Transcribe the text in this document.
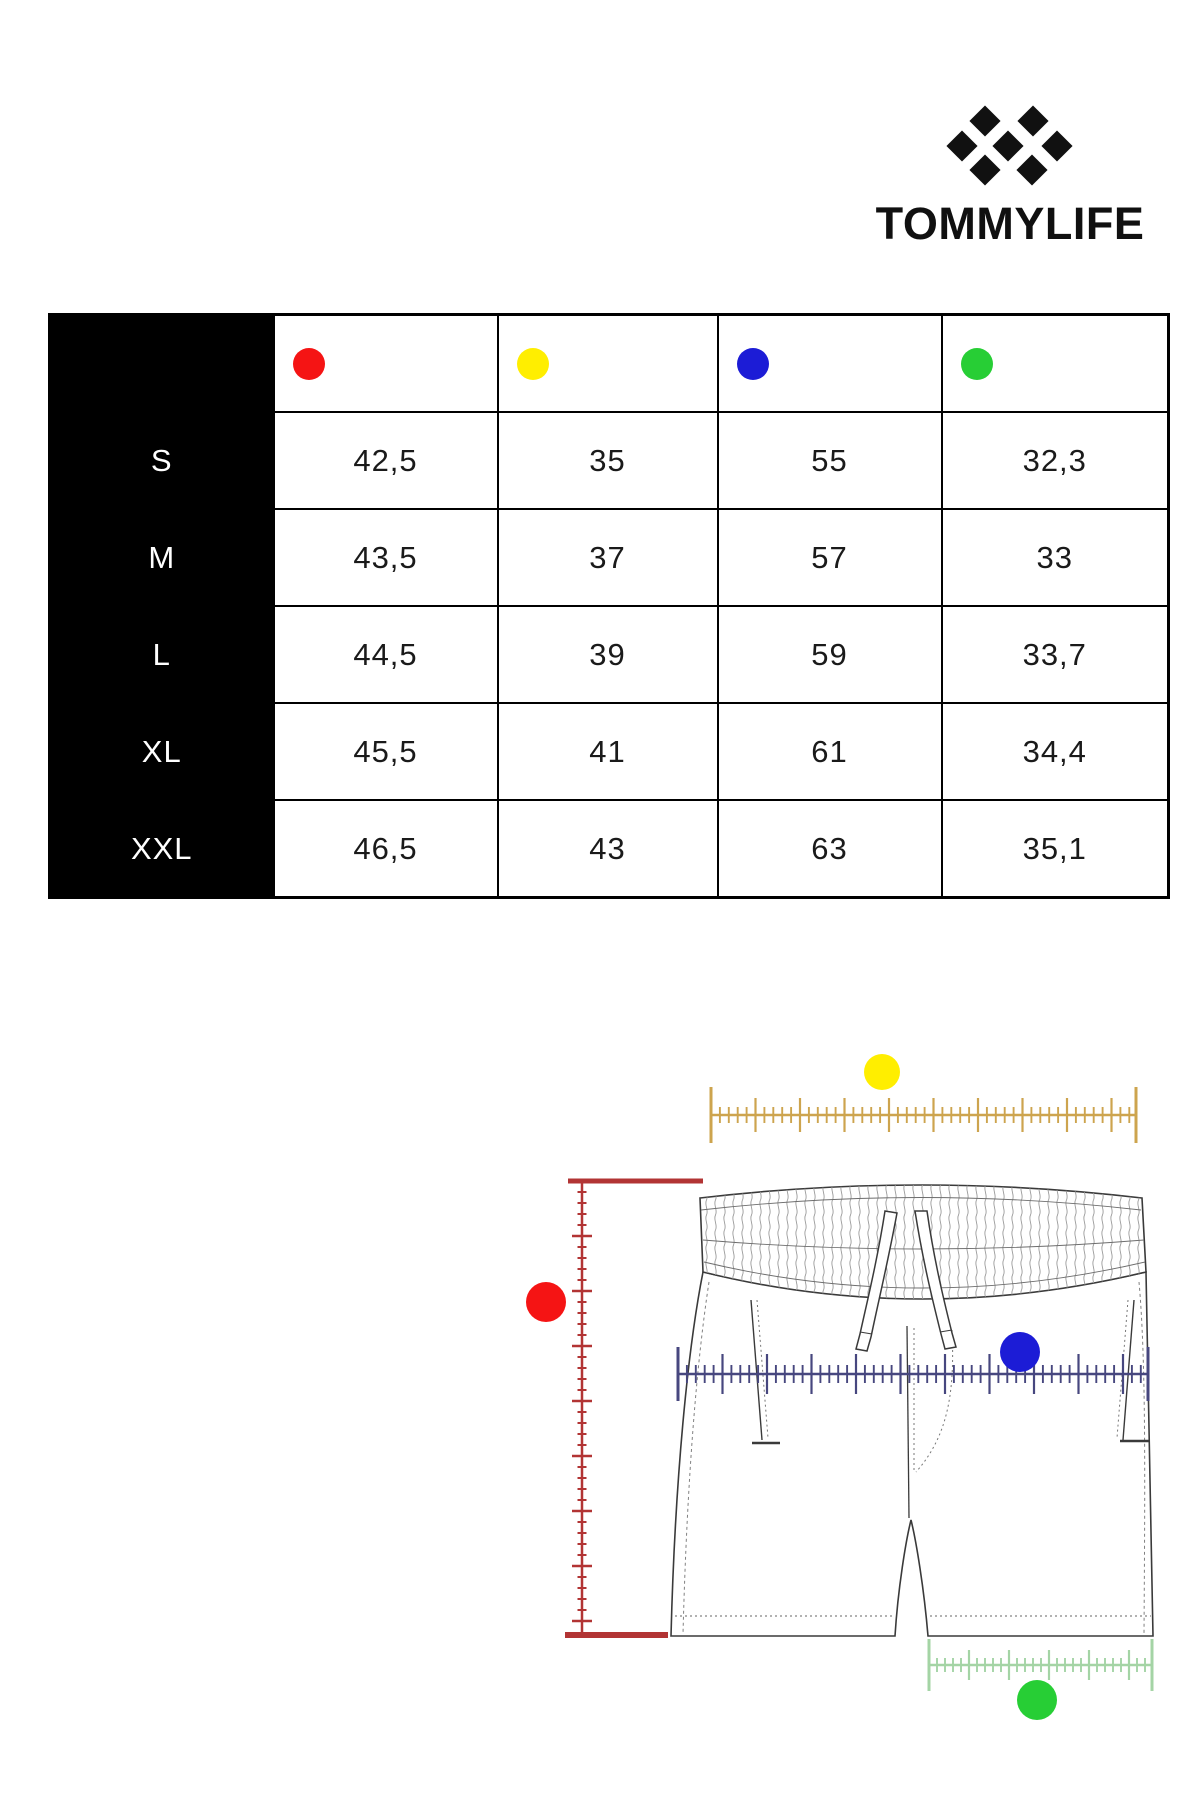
TOMMYLIFE

S	42,5	35	55	32,3
M	43,5	37	57	33
L	44,5	39	59	33,7
XL	45,5	41	61	34,4
XXL	46,5	43	63	35,1
